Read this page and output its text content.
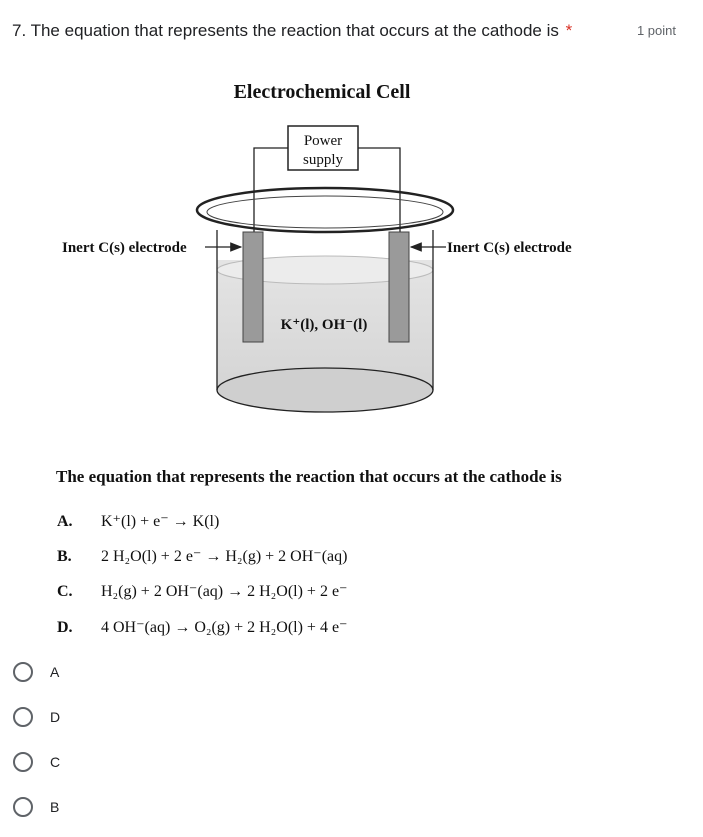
7. The equation that represents the reaction that occurs at the cathode is *	1 point
Electrochemical Cell
Power
supply
Inert C(s) electrode	Inert C(s) electrode
K⁺(l), OH⁻(l)
The equation that represents the reaction that occurs at the cathode is
A. K⁺(l) + e⁻ → K(l)
B. 2 H₂O(l) + 2 e⁻ → H₂(g) + 2 OH⁻(aq)
C. H₂(g) + 2 OH⁻(aq) → 2 H₂O(l) + 2 e⁻
D. 4 OH⁻(aq) → O₂(g) + 2 H₂O(l) + 4 e⁻
A
D
C
B
